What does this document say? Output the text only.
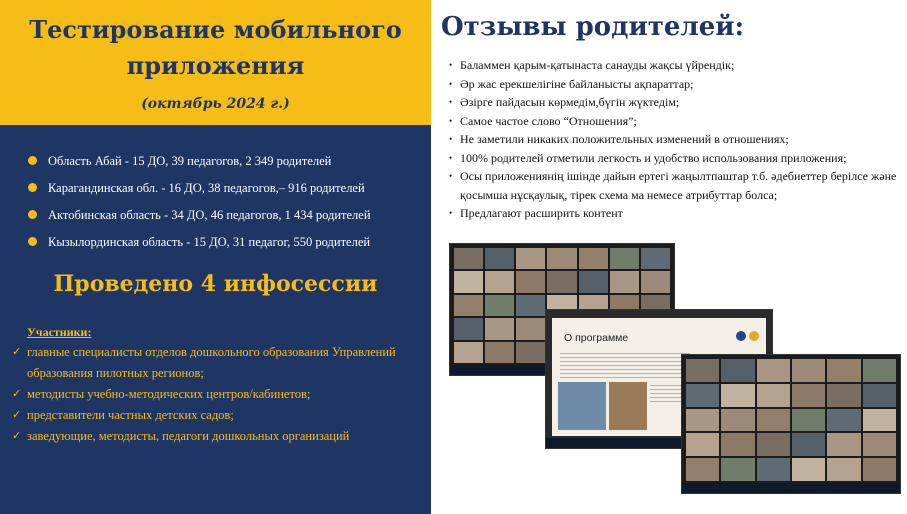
Тестирование мобильного приложения
(октябрь 2024 г.)
Область Абай - 15 ДО, 39 педагогов, 2 349 родителей
Карагандинская обл. - 16 ДО, 38 педагогов,– 916 родителей
Актобинская область - 34 ДО, 46 педагогов, 1 434 родителей
Кызылординская область - 15 ДО, 31 педагог, 550 родителей
Проведено 4 инфосессии
Участники:
✓ главные специалисты отделов дошкольного образования Управлений образования пилотных регионов;
✓ методисты учебно-методических центров/кабинетов;
✓ представители частных детских садов;
✓ заведующие, методисты, педагоги дошкольных организаций
Отзывы родителей:
• Баламмен қарым-қатынаста санауды жақсы үйрендік;
• Әр жас ерекшелігіне байланысты ақпараттар;
• Әзірге пайдасын көрмедім,бүгін жүктедім;
• Самое частое слово “Отношения”;
• Не заметили никаких положительных изменений в отношениях;
• 100% родителей отметили легкость и удобство использования приложения;
• Осы приложениянің ішінде дайын ертегі жаңылтпаштар т.б. әдебиеттер берілсе және қосымша нұсқаулық, тірек схема ма немесе атрибуттар болса;
• Предлагают расширить контент
О программе
